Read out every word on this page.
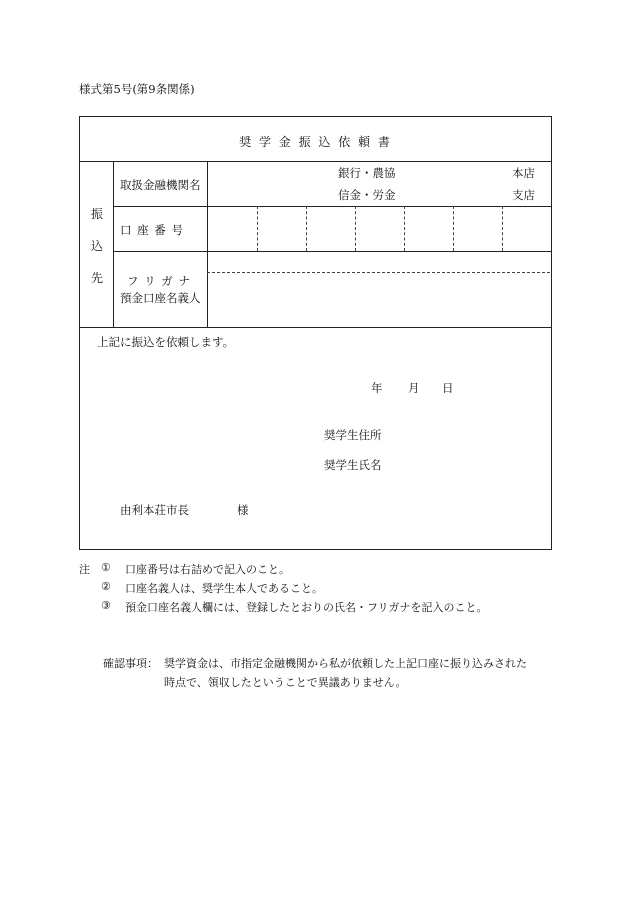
様式第5号(第9条関係)
奨 学 金 振 込 依 頼 書
振
込
先
取扱金融機関名
口 座 番 号
フ リ ガ ナ
預金口座名義人
銀行・農協
信金・労金
本店
支店
上記に振込を依頼します。
年 月 日
奨学生住所
奨学生氏名
由利本荘市長	様
注 ① 口座番号は右詰めで記入のこと。
② 口座名義人は、奨学生本人であること。
③ 預金口座名義人欄には、登録したとおりの氏名・フリガナを記入のこと。
確認事項： 奨学資金は、市指定金融機関から私が依頼した上記口座に振り込みされた
時点で、領収したということで異議ありません。
